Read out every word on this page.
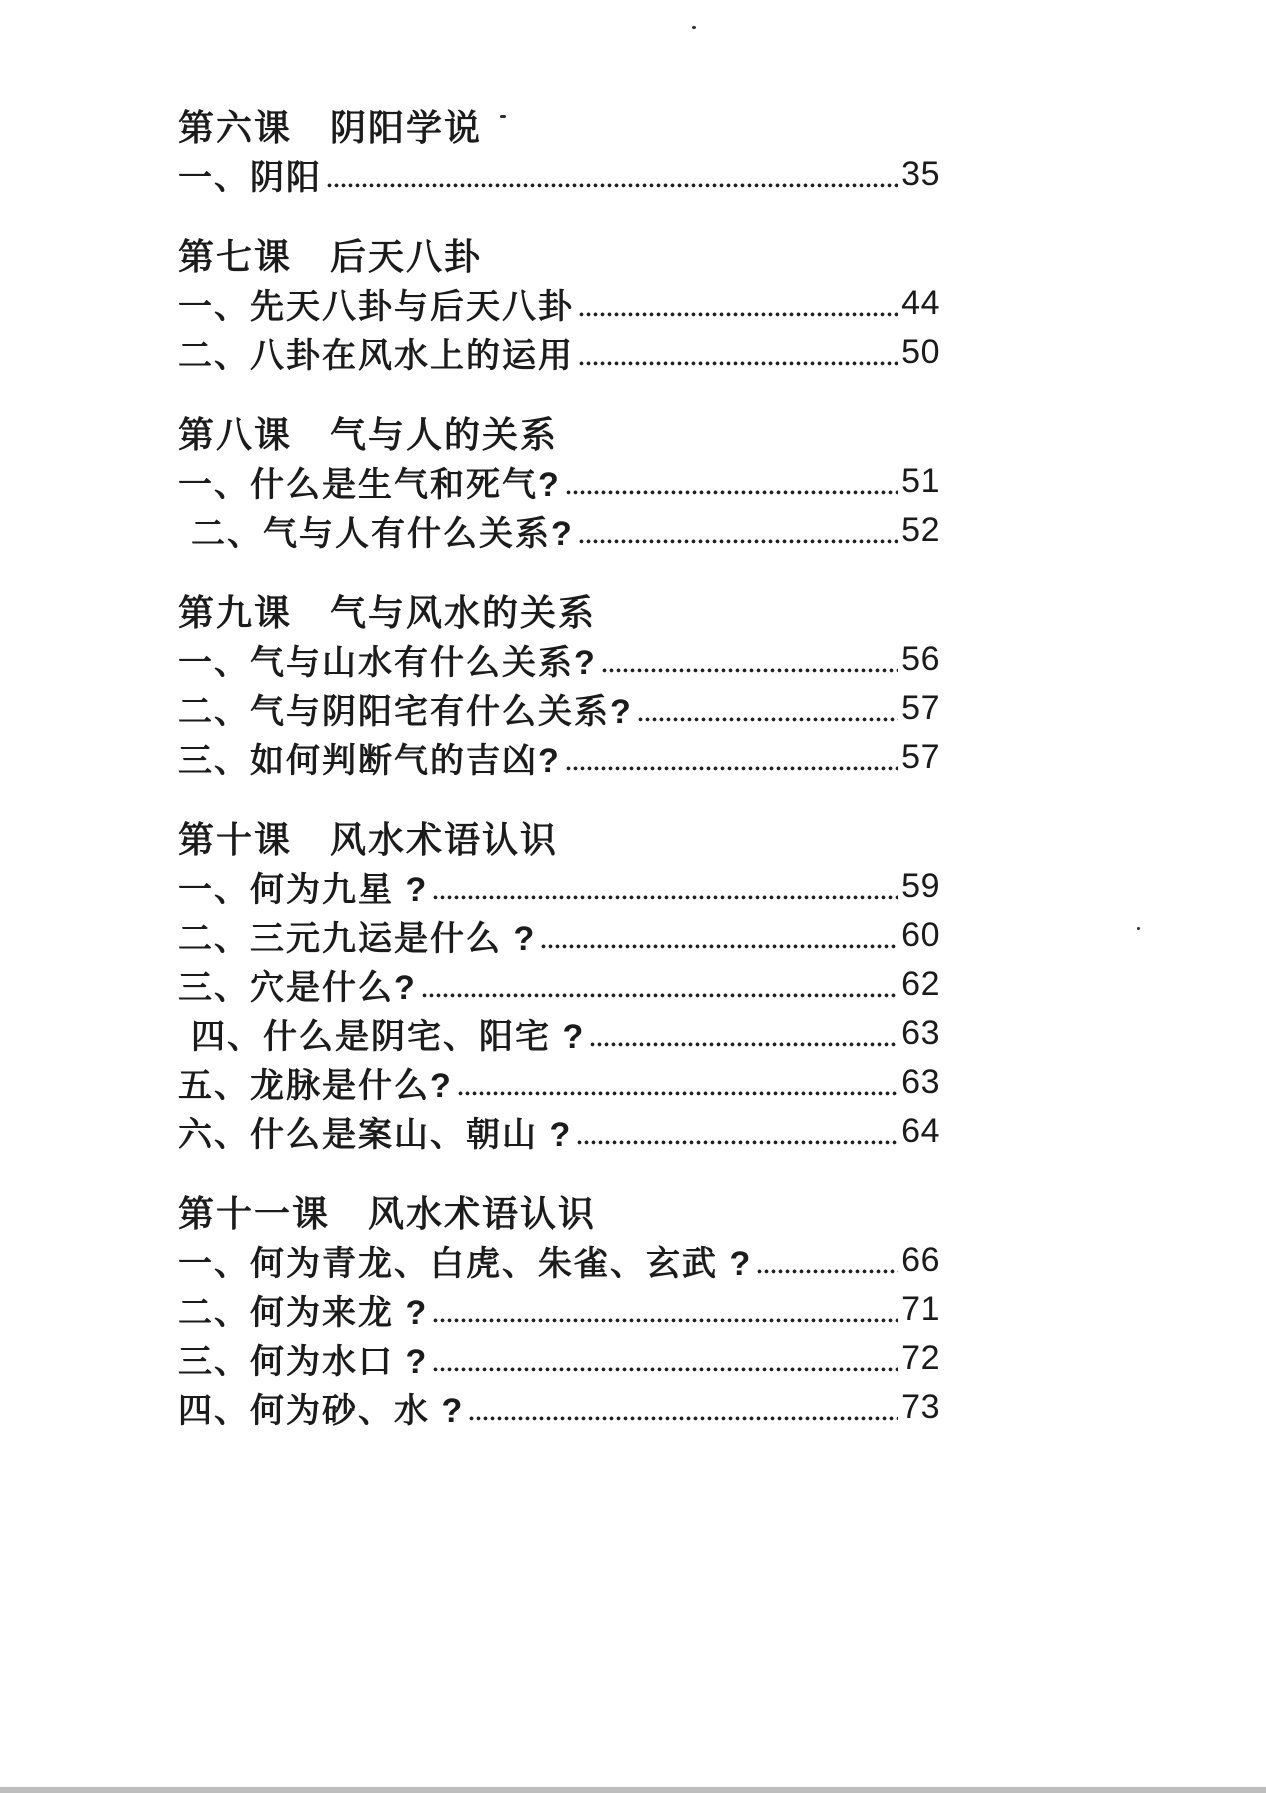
第六课　阴阳学说
一、阴阳	35
第七课　后天八卦
一、先天八卦与后天八卦	44
二、八卦在风水上的运用	50
第八课　气与人的关系
一、什么是生气和死气?	51
二、气与人有什么关系?	52
第九课　气与风水的关系
一、气与山水有什么关系?	56
二、气与阴阳宅有什么关系?	57
三、如何判断气的吉凶?	57
第十课　风水术语认识
一、何为九星 ?	59
二、三元九运是什么 ?	60
三、穴是什么?	62
四、什么是阴宅、阳宅 ?	63
五、龙脉是什么?	63
六、什么是案山、朝山 ?	64
第十一课　风水术语认识
一、何为青龙、白虎、朱雀、玄武 ?	66
二、何为来龙 ?	71
三、何为水口 ?	72
四、何为砂、水 ?	73
